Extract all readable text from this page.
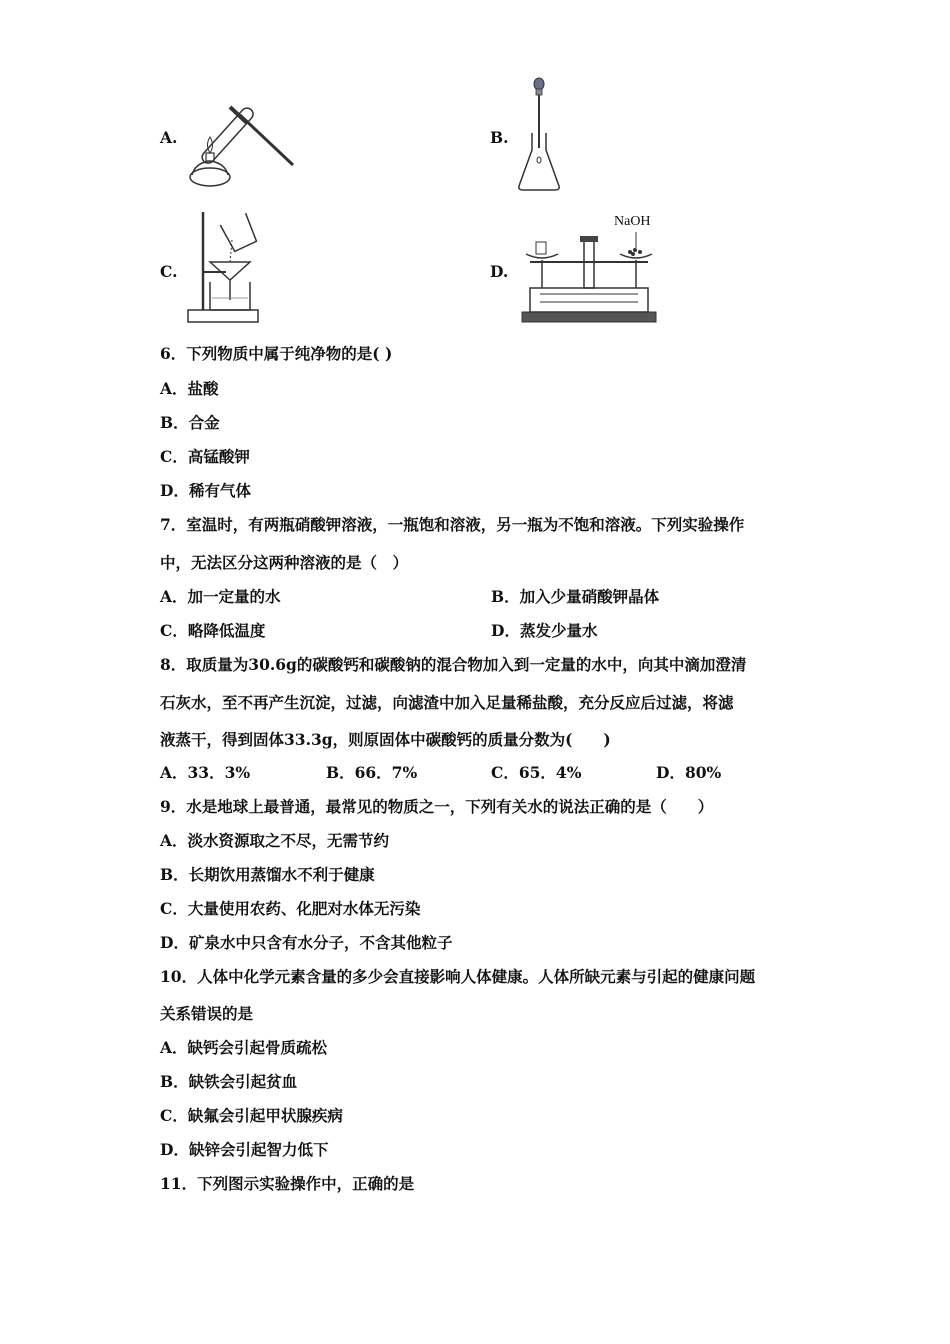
A.	B.
C.	D.
NaOH
6．下列物质中属于纯净物的是( )
A．盐酸
B．合金
C．高锰酸钾
D．稀有气体
7．室温时，有两瓶硝酸钾溶液，一瓶饱和溶液，另一瓶为不饱和溶液。下列实验操作
中，无法区分这两种溶液的是（　）
A．加一定量的水	B．加入少量硝酸钾晶体
C．略降低温度	D．蒸发少量水
8．取质量为30.6g的碳酸钙和碳酸钠的混合物加入到一定量的水中，向其中滴加澄清
石灰水，至不再产生沉淀，过滤，向滤渣中加入足量稀盐酸，充分反应后过滤，将滤
液蒸干，得到固体33.3g，则原固体中碳酸钙的质量分数为(　　)
A．33．3%	B．66．7%	C．65．4%	D．80%
9．水是地球上最普通，最常见的物质之一，下列有关水的说法正确的是（　　）
A．淡水资源取之不尽，无需节约
B．长期饮用蒸馏水不利于健康
C．大量使用农药、化肥对水体无污染
D．矿泉水中只含有水分子，不含其他粒子
10．人体中化学元素含量的多少会直接影响人体健康。人体所缺元素与引起的健康问题
关系错误的是
A．缺钙会引起骨质疏松
B．缺铁会引起贫血
C．缺氟会引起甲状腺疾病
D．缺锌会引起智力低下
11．下列图示实验操作中，正确的是
